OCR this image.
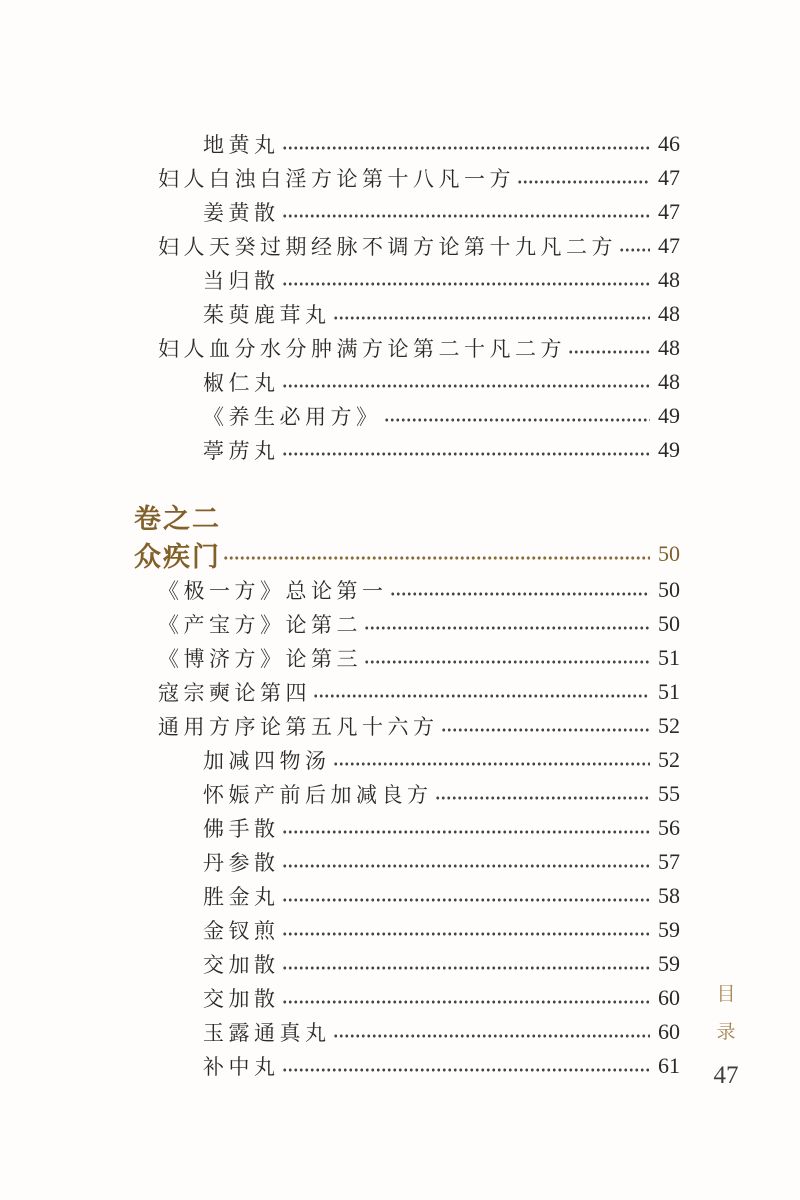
地黄丸	46
妇人白浊白淫方论第十八凡一方	47
姜黄散	47
妇人天癸过期经脉不调方论第十九凡二方 47
当归散	48
茱萸鹿茸丸	48
妇人血分水分肿满方论第二十凡二方	48
椒仁丸	48
《养生必用方》	49
葶苈丸	49
卷之二
众疾门	50
《极一方》总论第一	50
《产宝方》论第二	50
《博济方》论第三	51
寇宗奭论第四	51
通用方序论第五凡十六方	52
加减四物汤	52
怀娠产前后加减良方	55
佛手散	56
丹参散	57
胜金丸	58
金钗煎	59
交加散	59
交加散	60
玉露通真丸	60
补中丸	61
目
录
47
